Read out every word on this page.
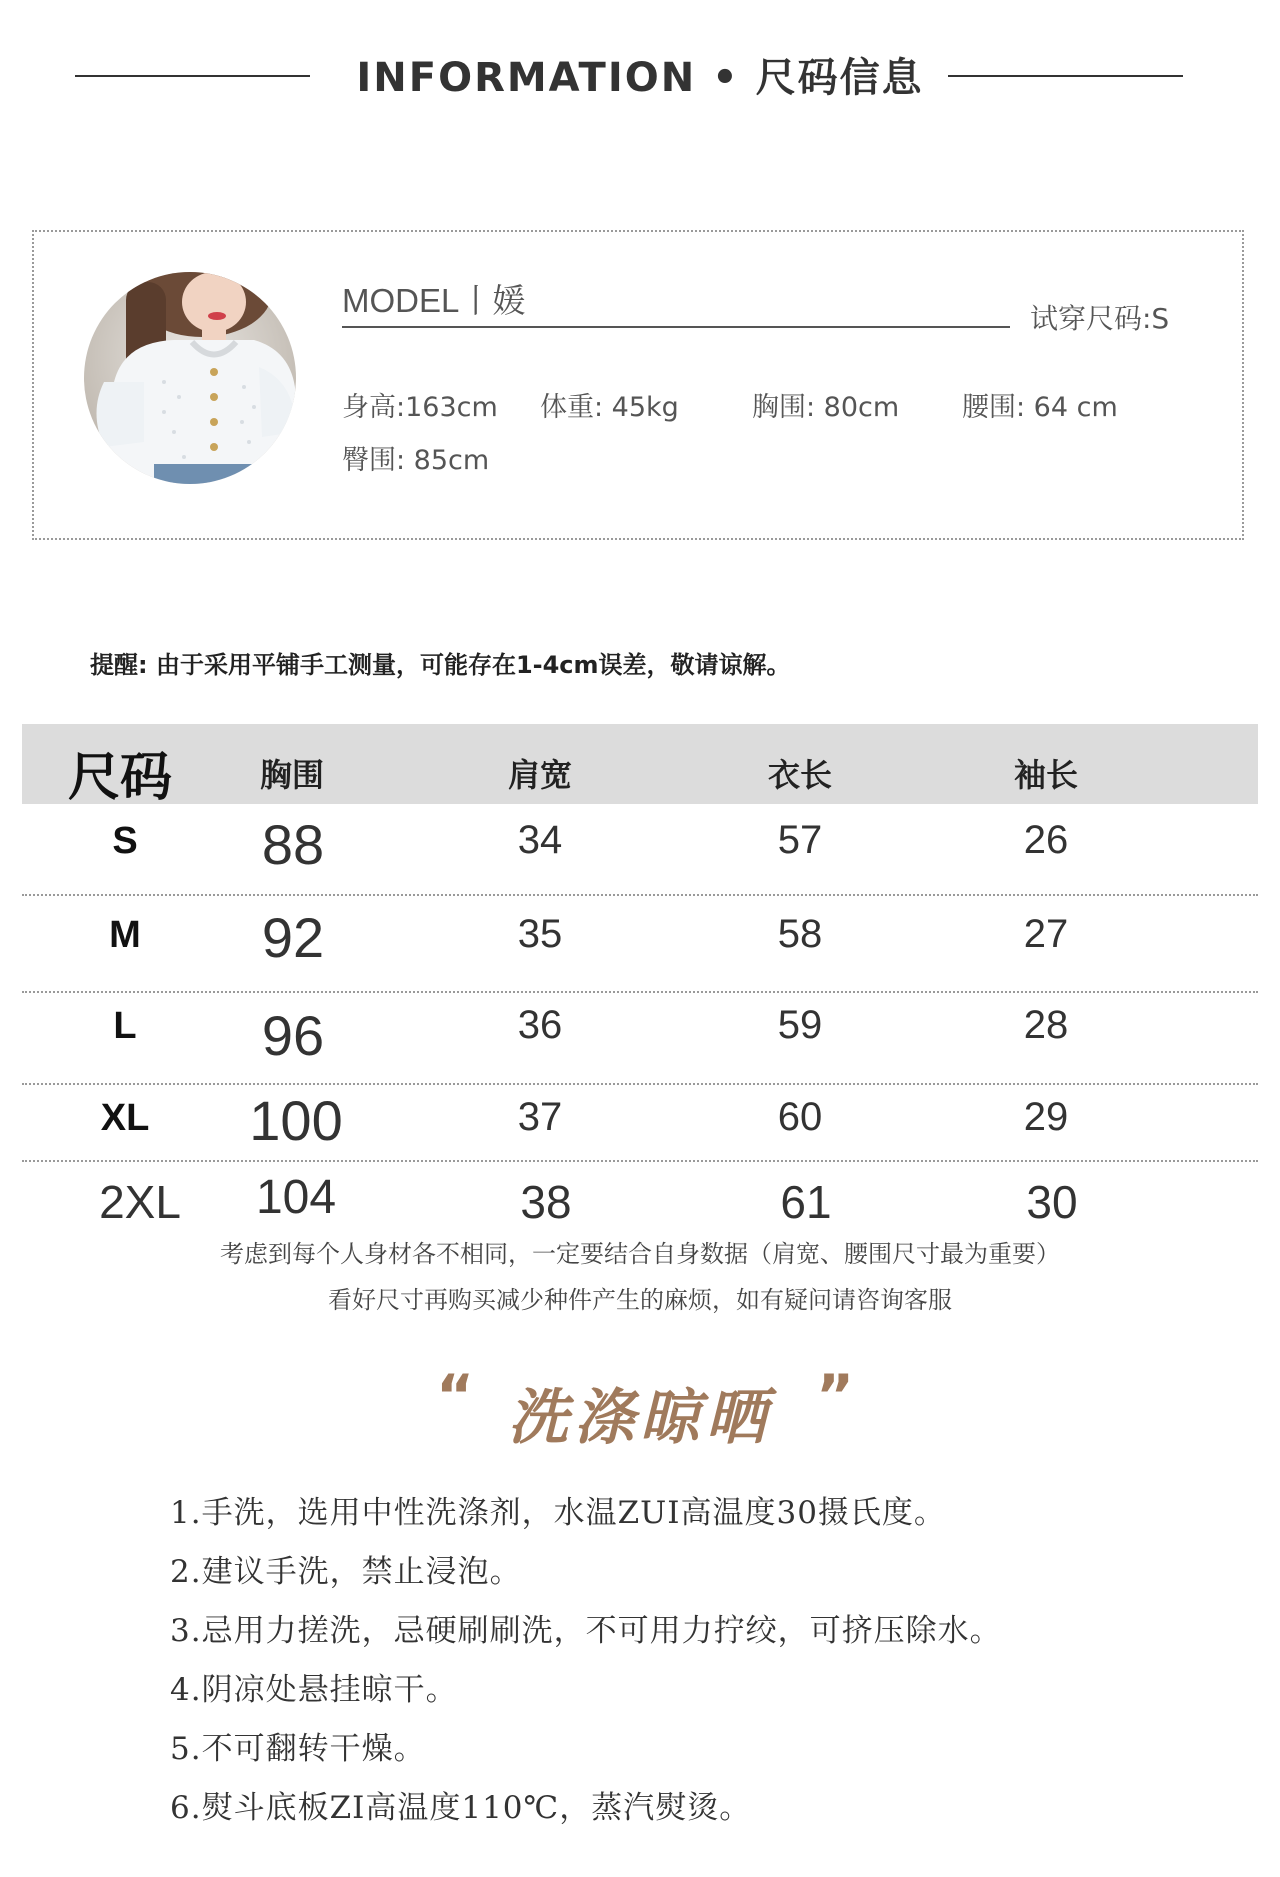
INFORMATION • 尺码信息
MODEL丨媛	试穿尺码:S
身高:163cm 体重: 45kg	胸围: 80cm 腰围: 64 cm
臀围: 85cm
提醒: 由于采用平铺手工测量，可能存在1-4cm误差，敬请谅解。
尺码	胸围	肩宽	衣长	袖长
S 88	34	57	26
M 92	35	58	27
L 96	36	59	28
XL 100	37	60	29
2XL 104	38	61	30
考虑到每个人身材各不相同，一定要结合自身数据（肩宽、腰围尺寸最为重要）
看好尺寸再购买减少种件产生的麻烦，如有疑问请咨询客服
“ 洗涤晾晒 ”
1.手洗，选用中性洗涤剂，水温ZUI高温度30摄氏度。
2.建议手洗，禁止浸泡。
3.忌用力搓洗，忌硬刷刷洗，不可用力拧绞，可挤压除水。
4.阴凉处悬挂晾干。
5.不可翻转干燥。
6.熨斗底板ZI高温度110℃，蒸汽熨烫。
